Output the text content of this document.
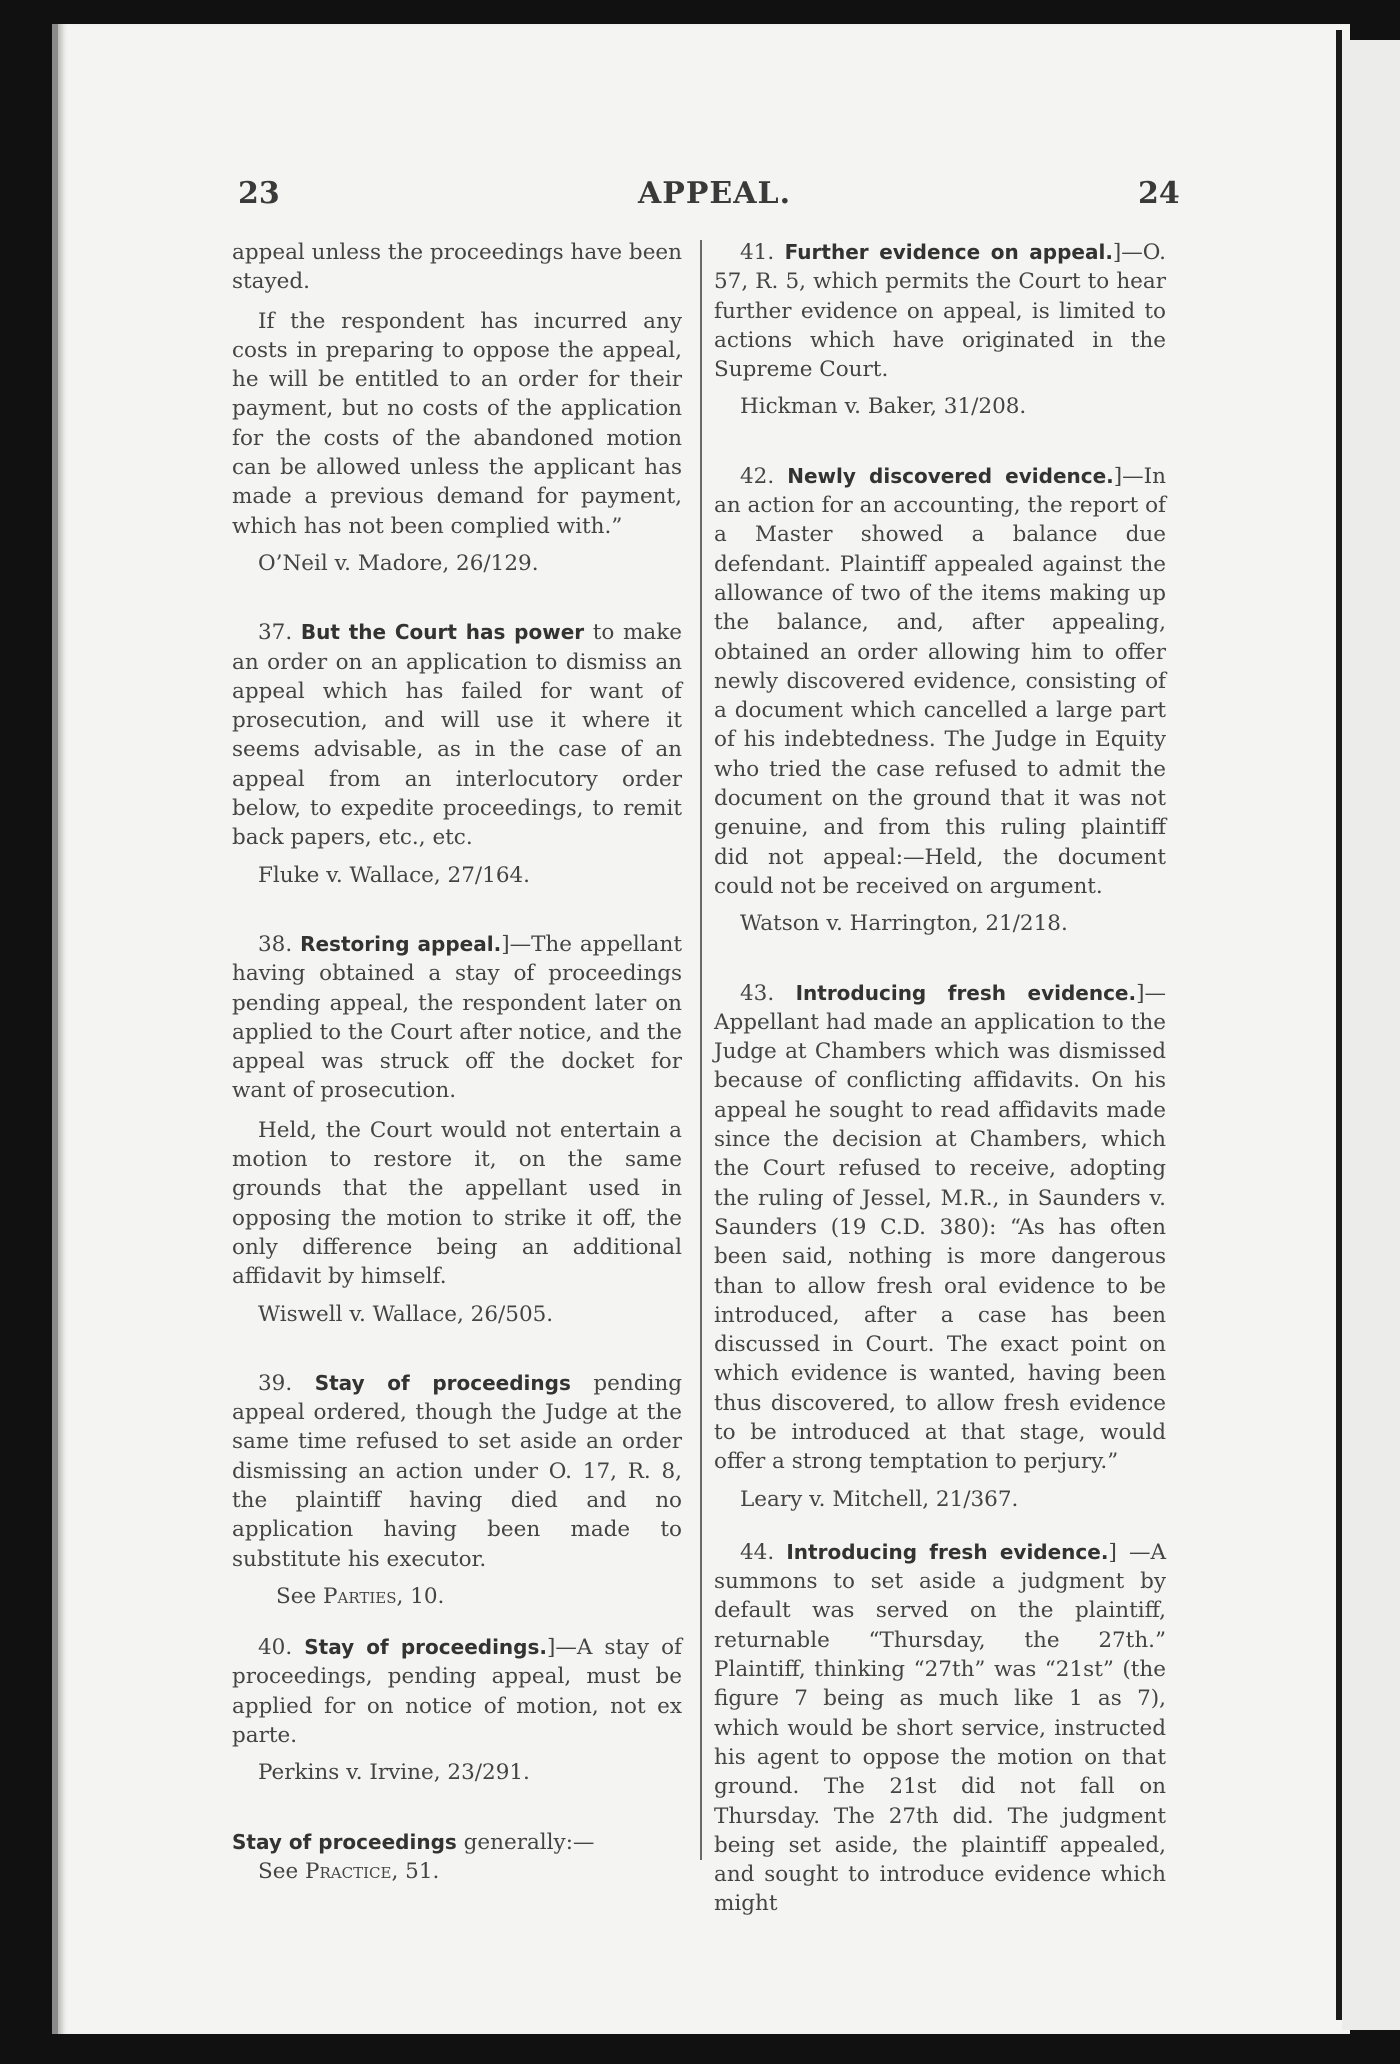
23	APPEAL.	24

appeal unless the proceedings have been stayed.

If the respondent has incurred any costs in preparing to oppose the appeal, he will be entitled to an order for their payment, but no costs of the application for the costs of the abandoned motion can be allowed unless the applicant has made a previous demand for payment, which has not been complied with.”

O’Neil v. Madore, 26/129.

37. But the Court has power to make an order on an application to dismiss an appeal which has failed for want of prosecution, and will use it where it seems advisable, as in the case of an appeal from an interlocutory order below, to expedite proceedings, to remit back papers, etc., etc.

Fluke v. Wallace, 27/164.

38. Restoring appeal.]—The appellant having obtained a stay of proceedings pending appeal, the respondent later on applied to the Court after notice, and the appeal was struck off the docket for want of prosecution.

Held, the Court would not entertain a motion to restore it, on the same grounds that the appellant used in opposing the motion to strike it off, the only difference being an additional affidavit by himself.

Wiswell v. Wallace, 26/505.

39. Stay of proceedings pending appeal ordered, though the Judge at the same time refused to set aside an order dismissing an action under O. 17, R. 8, the plaintiff having died and no application having been made to substitute his executor.

See Parties, 10.

40. Stay of proceedings.]—A stay of proceedings, pending appeal, must be applied for on notice of motion, not ex parte.

Perkins v. Irvine, 23/291.

Stay of proceedings generally:—

See Practice, 51.

41. Further evidence on appeal.]—O. 57, R. 5, which permits the Court to hear further evidence on appeal, is limited to actions which have originated in the Supreme Court.

Hickman v. Baker, 31/208.

42. Newly discovered evidence.]—In an action for an accounting, the report of a Master showed a balance due defendant. Plaintiff appealed against the allowance of two of the items making up the balance, and, after appealing, obtained an order allowing him to offer newly discovered evidence, consisting of a document which cancelled a large part of his indebtedness. The Judge in Equity who tried the case refused to admit the document on the ground that it was not genuine, and from this ruling plaintiff did not appeal:—Held, the document could not be received on argument.

Watson v. Harrington, 21/218.

43. Introducing fresh evidence.]—Appellant had made an application to the Judge at Chambers which was dismissed because of conflicting affidavits. On his appeal he sought to read affidavits made since the decision at Chambers, which the Court refused to receive, adopting the ruling of Jessel, M.R., in Saunders v. Saunders (19 C.D. 380): “As has often been said, nothing is more dangerous than to allow fresh oral evidence to be introduced, after a case has been discussed in Court. The exact point on which evidence is wanted, having been thus discovered, to allow fresh evidence to be introduced at that stage, would offer a strong temptation to perjury.”

Leary v. Mitchell, 21/367.

44. Introducing fresh evidence.] —A summons to set aside a judgment by default was served on the plaintiff, returnable “Thursday, the 27th.” Plaintiff, thinking “27th” was “21st” (the figure 7 being as much like 1 as 7), which would be short service, instructed his agent to oppose the motion on that ground. The 21st did not fall on Thursday. The 27th did. The judgment being set aside, the plaintiff appealed, and sought to introduce evidence which might
